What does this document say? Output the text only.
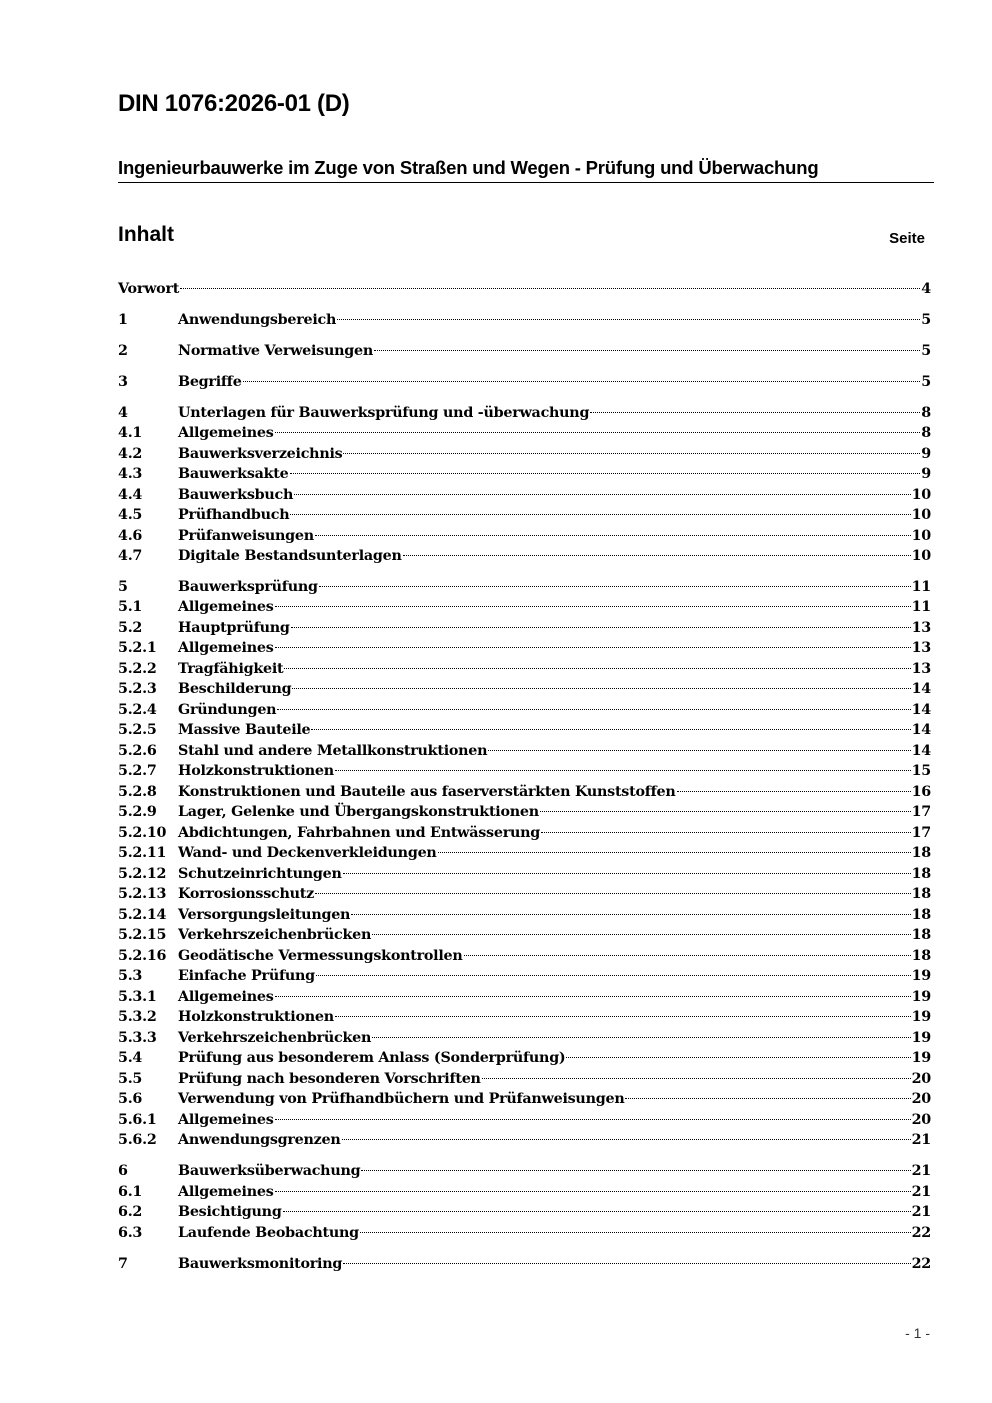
DIN 1076:2026-01 (D)
Ingenieurbauwerke im Zuge von Straßen und Wegen - Prüfung und Überwachung
Inhalt	Seite
Vorwort	4
1	Anwendungsbereich	5
2	Normative Verweisungen	5
3	Begriffe	5
4	Unterlagen für Bauwerksprüfung und -überwachung	8
4.1	Allgemeines	8
4.2	Bauwerksverzeichnis	9
4.3	Bauwerksakte	9
4.4	Bauwerksbuch	10
4.5	Prüfhandbuch	10
4.6	Prüfanweisungen	10
4.7	Digitale Bestandsunterlagen	10
5	Bauwerksprüfung	11
5.1	Allgemeines	11
5.2	Hauptprüfung	13
5.2.1	Allgemeines	13
5.2.2	Tragfähigkeit	13
5.2.3	Beschilderung	14
5.2.4	Gründungen	14
5.2.5	Massive Bauteile	14
5.2.6	Stahl und andere Metallkonstruktionen	14
5.2.7	Holzkonstruktionen	15
5.2.8	Konstruktionen und Bauteile aus faserverstärkten Kunststoffen	16
5.2.9	Lager, Gelenke und Übergangskonstruktionen	17
5.2.10 Abdichtungen, Fahrbahnen und Entwässerung	17
5.2.11 Wand- und Deckenverkleidungen	18
5.2.12 Schutzeinrichtungen	18
5.2.13 Korrosionsschutz	18
5.2.14 Versorgungsleitungen	18
5.2.15 Verkehrszeichenbrücken	18
5.2.16 Geodätische Vermessungskontrollen	18
5.3	Einfache Prüfung	19
5.3.1	Allgemeines	19
5.3.2	Holzkonstruktionen	19
5.3.3	Verkehrszeichenbrücken	19
5.4	Prüfung aus besonderem Anlass (Sonderprüfung)	19
5.5	Prüfung nach besonderen Vorschriften	20
5.6	Verwendung von Prüfhandbüchern und Prüfanweisungen	20
5.6.1	Allgemeines	20
5.6.2	Anwendungsgrenzen	21
6	Bauwerksüberwachung	21
6.1	Allgemeines	21
6.2	Besichtigung	21
6.3	Laufende Beobachtung	22
7	Bauwerksmonitoring	22
- 1 -
